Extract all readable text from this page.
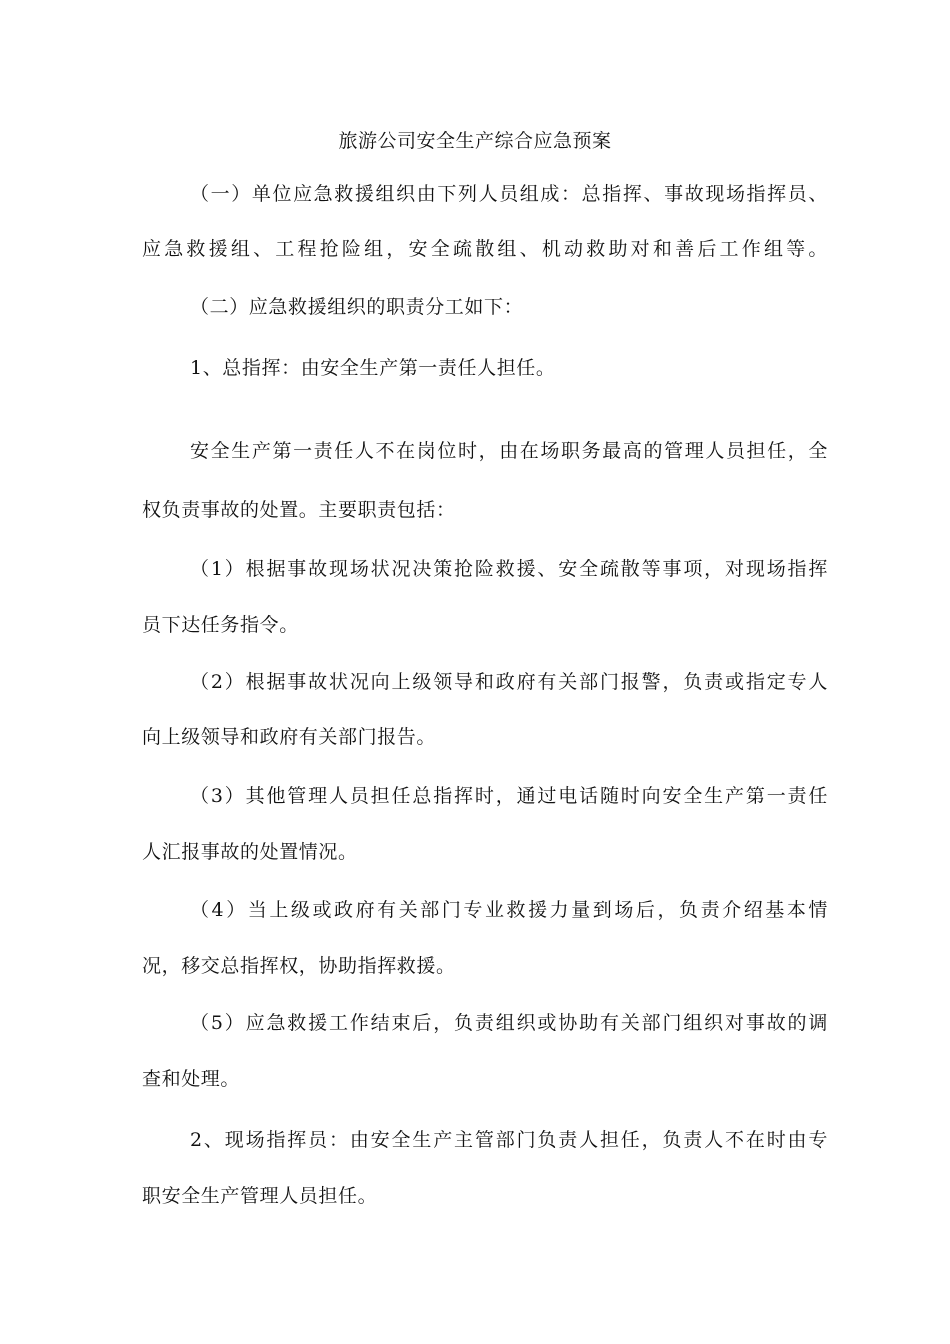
旅游公司安全生产综合应急预案
（一）单位应急救援组织由下列人员组成：总指挥、事故现场指挥员、
应急救援组、工程抢险组，安全疏散组、机动救助对和善后工作组等。
（二）应急救援组织的职责分工如下：
1、总指挥：由安全生产第一责任人担任。
安全生产第一责任人不在岗位时，由在场职务最高的管理人员担任，全
权负责事故的处置。主要职责包括：
（1）根据事故现场状况决策抢险救援、安全疏散等事项，对现场指挥
员下达任务指令。
（2）根据事故状况向上级领导和政府有关部门报警，负责或指定专人
向上级领导和政府有关部门报告。
（3）其他管理人员担任总指挥时，通过电话随时向安全生产第一责任
人汇报事故的处置情况。
（4）当上级或政府有关部门专业救援力量到场后，负责介绍基本情
况，移交总指挥权，协助指挥救援。
（5）应急救援工作结束后，负责组织或协助有关部门组织对事故的调
查和处理。
2、现场指挥员：由安全生产主管部门负责人担任，负责人不在时由专
职安全生产管理人员担任。
